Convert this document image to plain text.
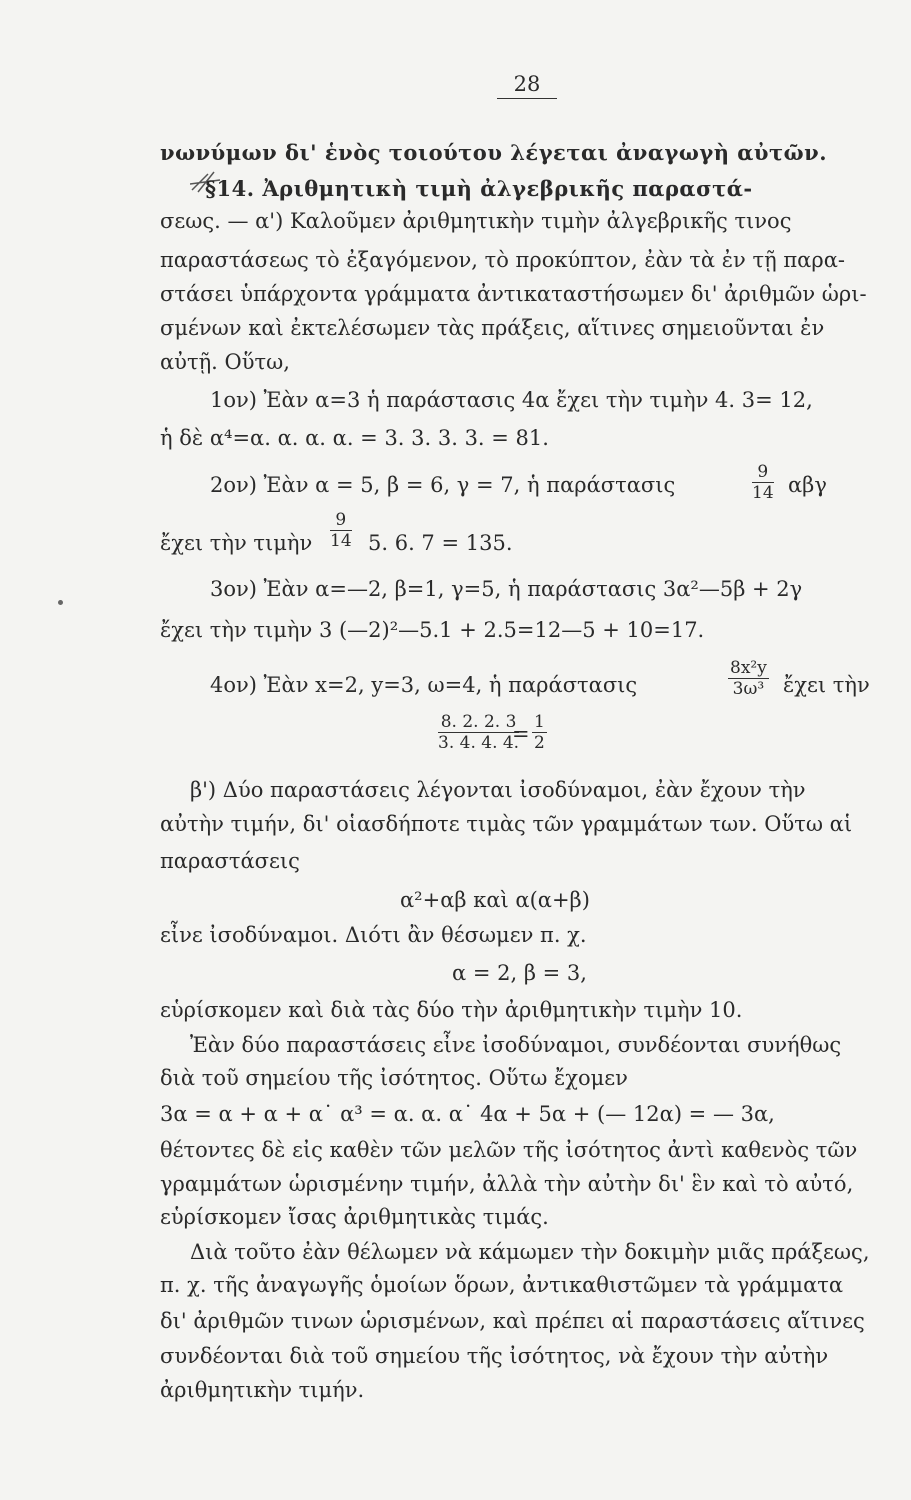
28
νωνύμων δι' ἑνὸς τοιούτου λέγεται ἀναγωγὴ αὐτῶν.
§14. Ἀριθμητικὴ τιμὴ ἀλγεβρικῆς παραστά-
σεως. — α') Καλοῦμεν ἀριθμητικὴν τιμὴν ἀλγεβρικῆς τινος
παραστάσεως τὸ ἐξαγόμενον, τὸ προκύπτον, ἐὰν τὰ ἐν τῇ παρα-
στάσει ὑπάρχοντα γράμματα ἀντικαταστήσωμεν δι' ἀριθμῶν ὡρι-
σμένων καὶ ἐκτελέσωμεν τὰς πράξεις, αἵτινες σημειοῦνται ἐν
αὐτῇ. Οὕτω,
1ον) Ἐὰν α=3 ἡ παράστασις 4α ἔχει τὴν τιμὴν 4. 3= 12,
ἡ δὲ α⁴=α. α. α. α. = 3. 3. 3. 3. = 81.
2ον) Ἐὰν α = 5, β = 6, γ = 7, ἡ παράστασις	$\frac{9}{14}$ αβγ
ἔχει τὴν τιμὴν	$\frac{9}{14} 5$. 6. 7 = 135.
3ον) Ἐὰν α=—2, β=1, γ=5, ἡ παράστασις 3α²—5β + 2γ
ἔχει τὴν τιμὴν 3 (—2)²—5.1 + 2.5=12—5 + 10=17.
4ον) Ἐὰν x=2, y=3, ω=4, ἡ παράστασις	$\frac{\text{8x²y}}{\text{3ω³}}$ ἔχει τὴν
$\frac{8. 2. 2. 3}{3. 4. 4. 4.}$
= $\frac{1}{2}$
β') Δύο παραστάσεις λέγονται ἰσοδύναμοι, ἐὰν ἔχουν τὴν
αὐτὴν τιμήν, δι' οἱασδήποτε τιμὰς τῶν γραμμάτων των. Οὕτω αἱ
παραστάσεις
α²+αβ καὶ α(α+β)
εἶνε ἰσοδύναμοι. Διότι ἂν θέσωμεν π. χ.
α = 2, β = 3,
εὑρίσκομεν καὶ διὰ τὰς δύο τὴν ἀριθμητικὴν τιμὴν 10.
Ἐὰν δύο παραστάσεις εἶνε ἰσοδύναμοι, συνδέονται συνήθως
διὰ τοῦ σημείου τῆς ἰσότητος. Οὕτω ἔχομεν
3α = α + α + α˙ α³ = α. α. α˙ 4α + 5α + (— 12α) = — 3α,
θέτοντες δὲ εἰς καθὲν τῶν μελῶν τῆς ἰσότητος ἀντὶ καθενὸς τῶν
γραμμάτων ὡρισμένην τιμήν, ἀλλὰ τὴν αὐτὴν δι' ἓν καὶ τὸ αὐτό,
εὑρίσκομεν ἴσας ἀριθμητικὰς τιμάς.
Διὰ τοῦτο ἐὰν θέλωμεν νὰ κάμωμεν τὴν δοκιμὴν μιᾶς πράξεως,
π. χ. τῆς ἀναγωγῆς ὁμοίων ὅρων, ἀντικαθιστῶμεν τὰ γράμματα
δι' ἀριθμῶν τινων ὡρισμένων, καὶ πρέπει αἱ παραστάσεις αἵτινες
συνδέονται διὰ τοῦ σημείου τῆς ἰσότητος, νὰ ἔχουν τὴν αὐτὴν
ἀριθμητικὴν τιμήν.
